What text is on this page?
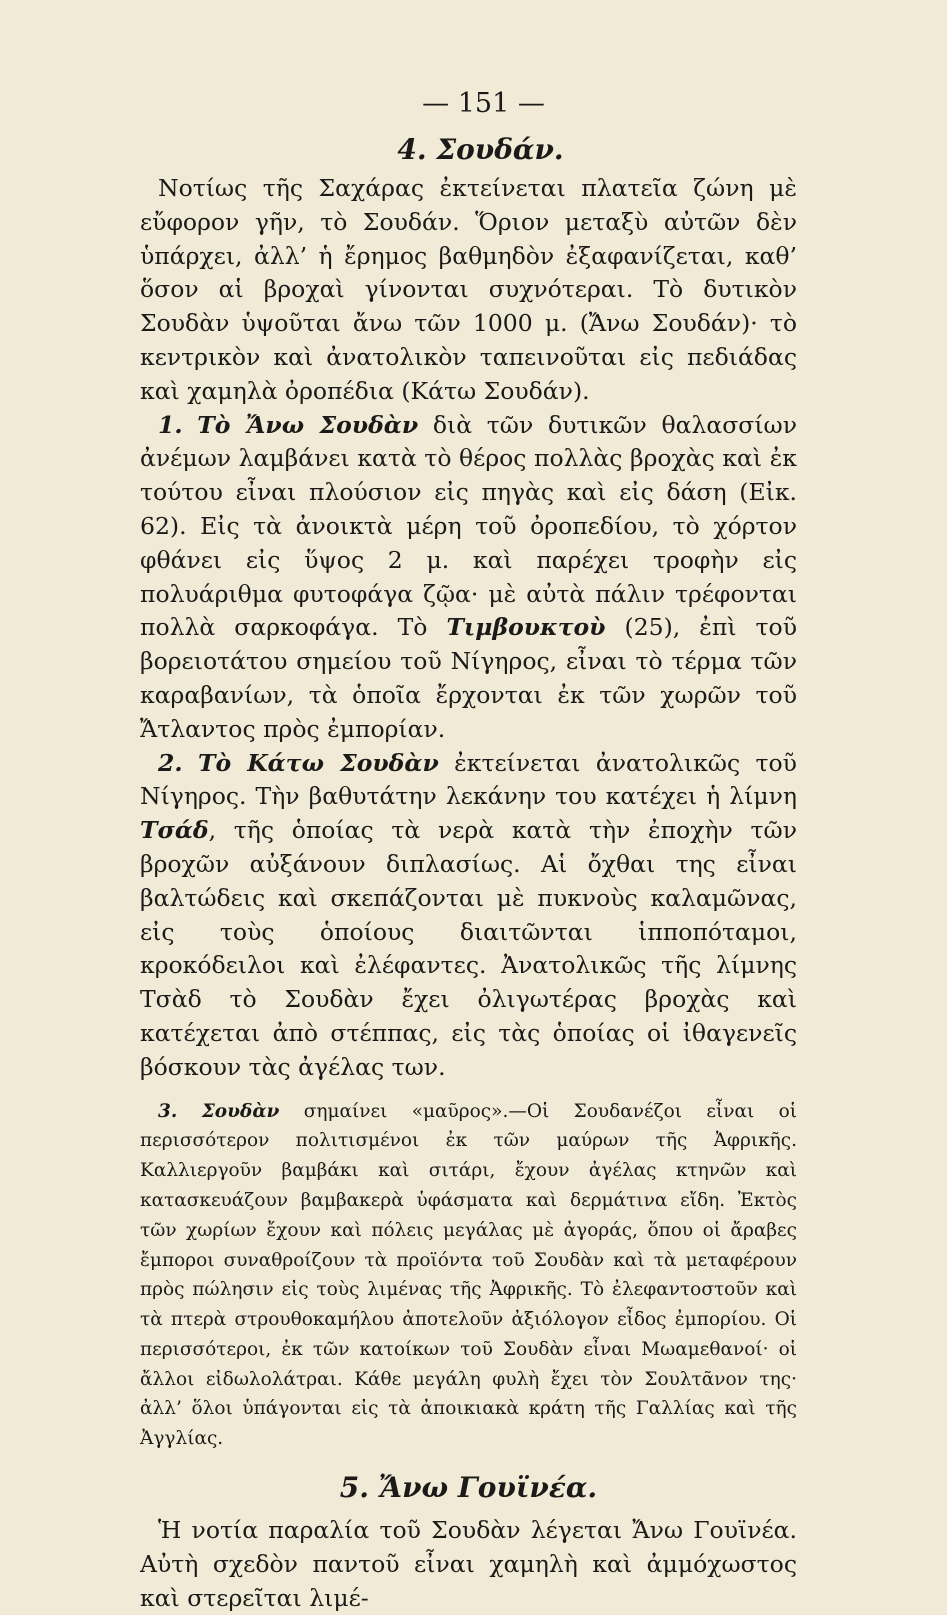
— 151 —
4. Σουδάν.

Νοτίως τῆς Σαχάρας ἐκτείνεται πλατεῖα ζώνη μὲ εὔφορον γῆν, τὸ Σουδάν. Ὅριον μεταξὺ αὐτῶν δὲν ὑπάρχει, ἀλλ’ ἡ ἔρημος βαθμηδὸν ἐξαφανίζεται, καθ’ ὅσον αἱ βροχαὶ γίνονται συχνότεραι. Τὸ δυτικὸν Σουδὰν ὑψοῦται ἄνω τῶν 1000 μ. (Ἄνω Σουδάν)· τὸ κεντρικὸν καὶ ἀνατολικὸν ταπεινοῦται εἰς πεδιάδας καὶ χαμηλὰ ὀροπέδια (Κάτω Σουδάν).

1. Τὸ Ἄνω Σουδὰν διὰ τῶν δυτικῶν θαλασσίων ἀνέμων λαμβάνει κατὰ τὸ θέρος πολλὰς βροχὰς καὶ ἐκ τούτου εἶναι πλούσιον εἰς πηγὰς καὶ εἰς δάση (Εἰκ. 62). Εἰς τὰ ἀνοικτὰ μέρη τοῦ ὀροπεδίου, τὸ χόρτον φθάνει εἰς ὕψος 2 μ. καὶ παρέχει τροφὴν εἰς πολυάριθμα φυτοφάγα ζῷα· μὲ αὐτὰ πάλιν τρέφονται πολλὰ σαρκοφάγα. Τὸ Τιμβουκτοὺ (25), ἐπὶ τοῦ βορειοτάτου σημείου τοῦ Νίγηρος, εἶναι τὸ τέρμα τῶν καραβανίων, τὰ ὁποῖα ἔρχονται ἐκ τῶν χωρῶν τοῦ Ἄτλαντος πρὸς ἐμπορίαν.

2. Τὸ Κάτω Σουδὰν ἐκτείνεται ἀνατολικῶς τοῦ Νίγηρος. Τὴν βαθυτάτην λεκάνην του κατέχει ἡ λίμνη Τσάδ, τῆς ὁποίας τὰ νερὰ κατὰ τὴν ἐποχὴν τῶν βροχῶν αὐξάνουν διπλασίως. Αἱ ὄχθαι της εἶναι βαλτώδεις καὶ σκεπάζονται μὲ πυκνοὺς καλαμῶνας, εἰς τοὺς ὁποίους διαιτῶνται ἱπποπόταμοι, κροκόδειλοι καὶ ἐλέφαντες. Ἀνατολικῶς τῆς λίμνης Τσὰδ τὸ Σουδὰν ἔχει ὀλιγωτέρας βροχὰς καὶ κατέχεται ἀπὸ στέππας, εἰς τὰς ὁποίας οἱ ἰθαγενεῖς βόσκουν τὰς ἀγέλας των.

3. Σουδὰν σημαίνει «μαῦρος».—Οἱ Σουδανέζοι εἶναι οἱ περισσότερον πολιτισμένοι ἐκ τῶν μαύρων τῆς Ἀφρικῆς. Καλλιεργοῦν βαμβάκι καὶ σιτάρι, ἔχουν ἀγέλας κτηνῶν καὶ κατασκευάζουν βαμβακερὰ ὑφάσματα καὶ δερμάτινα εἴδη. Ἐκτὸς τῶν χωρίων ἔχουν καὶ πόλεις μεγάλας μὲ ἀγοράς, ὅπου οἱ ἄραβες ἔμποροι συναθροίζουν τὰ προϊόντα τοῦ Σουδὰν καὶ τὰ μεταφέρουν πρὸς πώλησιν εἰς τοὺς λιμένας τῆς Ἀφρικῆς. Τὸ ἐλεφαντοστοῦν καὶ τὰ πτερὰ στρουθοκαμήλου ἀποτελοῦν ἀξιόλογον εἶδος ἐμπορίου. Οἱ περισσότεροι, ἐκ τῶν κατοίκων τοῦ Σουδὰν εἶναι Μωαμεθανοί· οἱ ἄλλοι εἰδωλολάτραι. Κάθε μεγάλη φυλὴ ἔχει τὸν Σουλτᾶνον της· ἀλλ’ ὅλοι ὑπάγονται εἰς τὰ ἀποικιακὰ κράτη τῆς Γαλλίας καὶ τῆς Ἀγγλίας.

5. Ἄνω Γουϊνέα.

Ἡ νοτία παραλία τοῦ Σουδὰν λέγεται Ἄνω Γουϊνέα. Αὐτὴ σχεδὸν παντοῦ εἶναι χαμηλὴ καὶ ἀμμόχωστος καὶ στερεῖται λιμέ-
